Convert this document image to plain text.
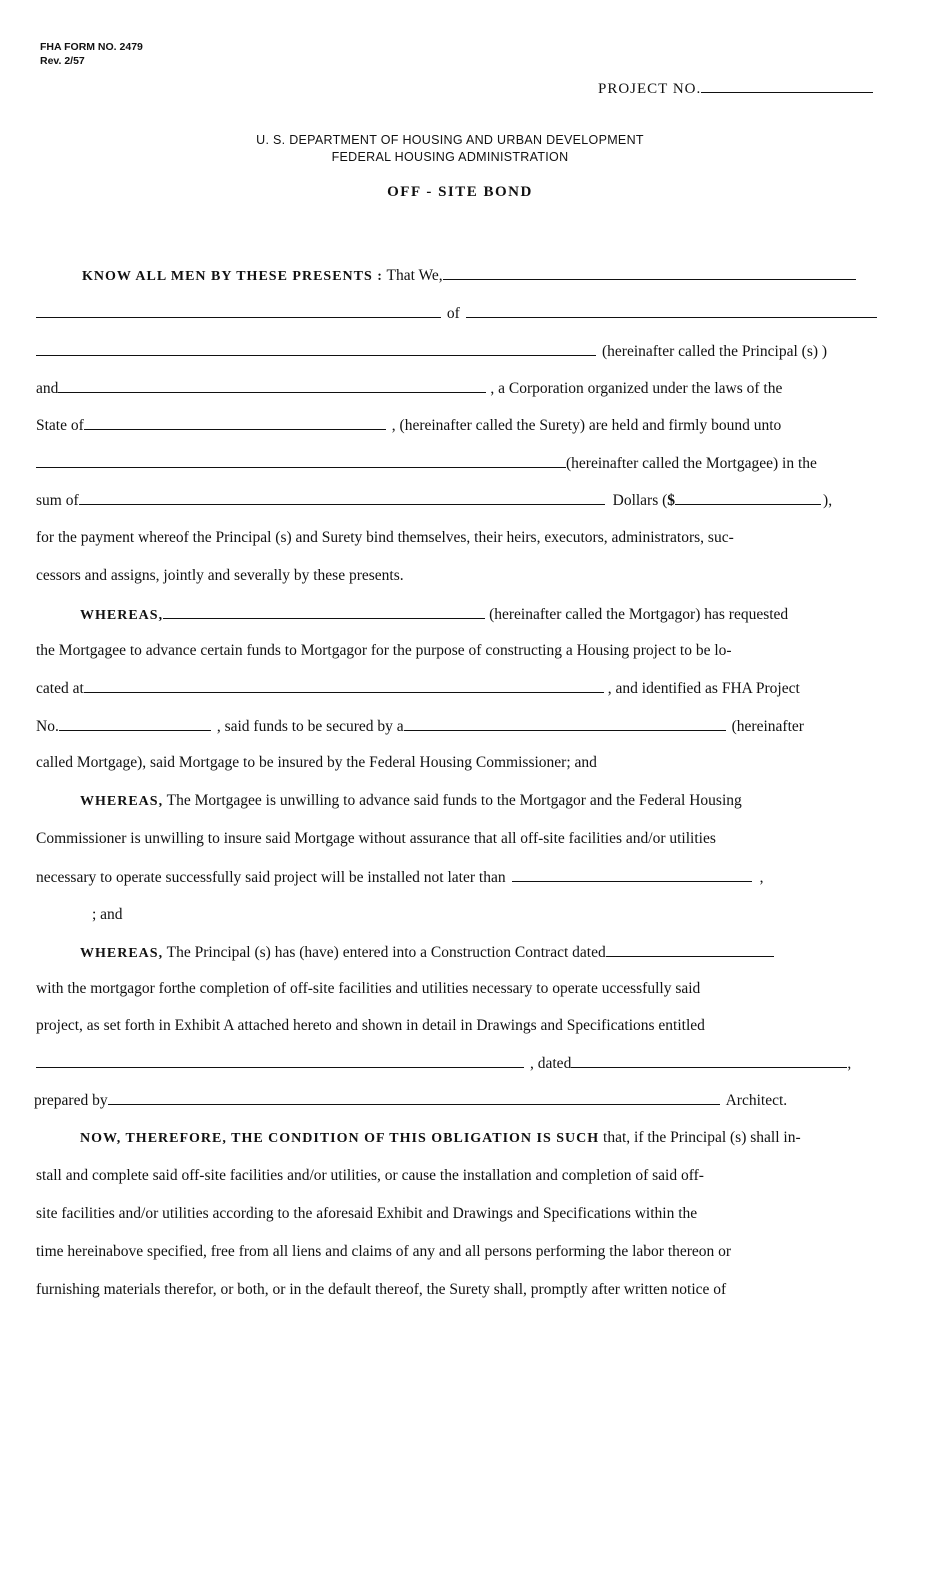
FHA FORM NO. 2479
Rev. 2/57
PROJECT NO.
U. S. DEPARTMENT OF HOUSING AND URBAN DEVELOPMENT
FEDERAL HOUSING ADMINISTRATION
OFF - SITE BOND
KNOW ALL MEN BY THESE PRESENTS : That We,
of
(hereinafter called the Principal (s) )
and	, a Corporation organized under the laws of the
State of	, (hereinafter called the Surety) are held and firmly bound unto
(hereinafter called the Mortgagee) in the
sum of	Dollars ($	),
for the payment whereof the Principal (s) and Surety bind themselves, their heirs, executors, administrators, suc-
cessors and assigns, jointly and severally by these presents.
WHEREAS,	(hereinafter called the Mortgagor) has requested
the Mortgagee to advance certain funds to Mortgagor for the purpose of constructing a Housing project to be lo-
cated at	, and identified as FHA Project
No.	, said funds to be secured by a	(hereinafter
called Mortgage), said Mortgage to be insured by the Federal Housing Commissioner; and
WHEREAS, The Mortgagee is unwilling to advance said funds to the Mortgagor and the Federal Housing
Commissioner is unwilling to insure said Mortgage without assurance that all off-site facilities and/or utilities
necessary to operate successfully said project will be installed not later than	,
; and
WHEREAS, The Principal (s) has (have) entered into a Construction Contract dated
with the mortgagor forthe completion of off-site facilities and utilities necessary to operate uccessfully said
project, as set forth in Exhibit A attached hereto and shown in detail in Drawings and Specifications entitled
, dated	,
prepared by	Architect.
NOW, THEREFORE, THE CONDITION OF THIS OBLIGATION IS SUCH that, if the Principal (s) shall in-
stall and complete said off-site facilities and/or utilities, or cause the installation and completion of said off-
site facilities and/or utilities according to the aforesaid Exhibit and Drawings and Specifications within the
time hereinabove specified, free from all liens and claims of any and all persons performing the labor thereon or
furnishing materials therefor, or both, or in the default thereof, the Surety shall, promptly after written notice of
